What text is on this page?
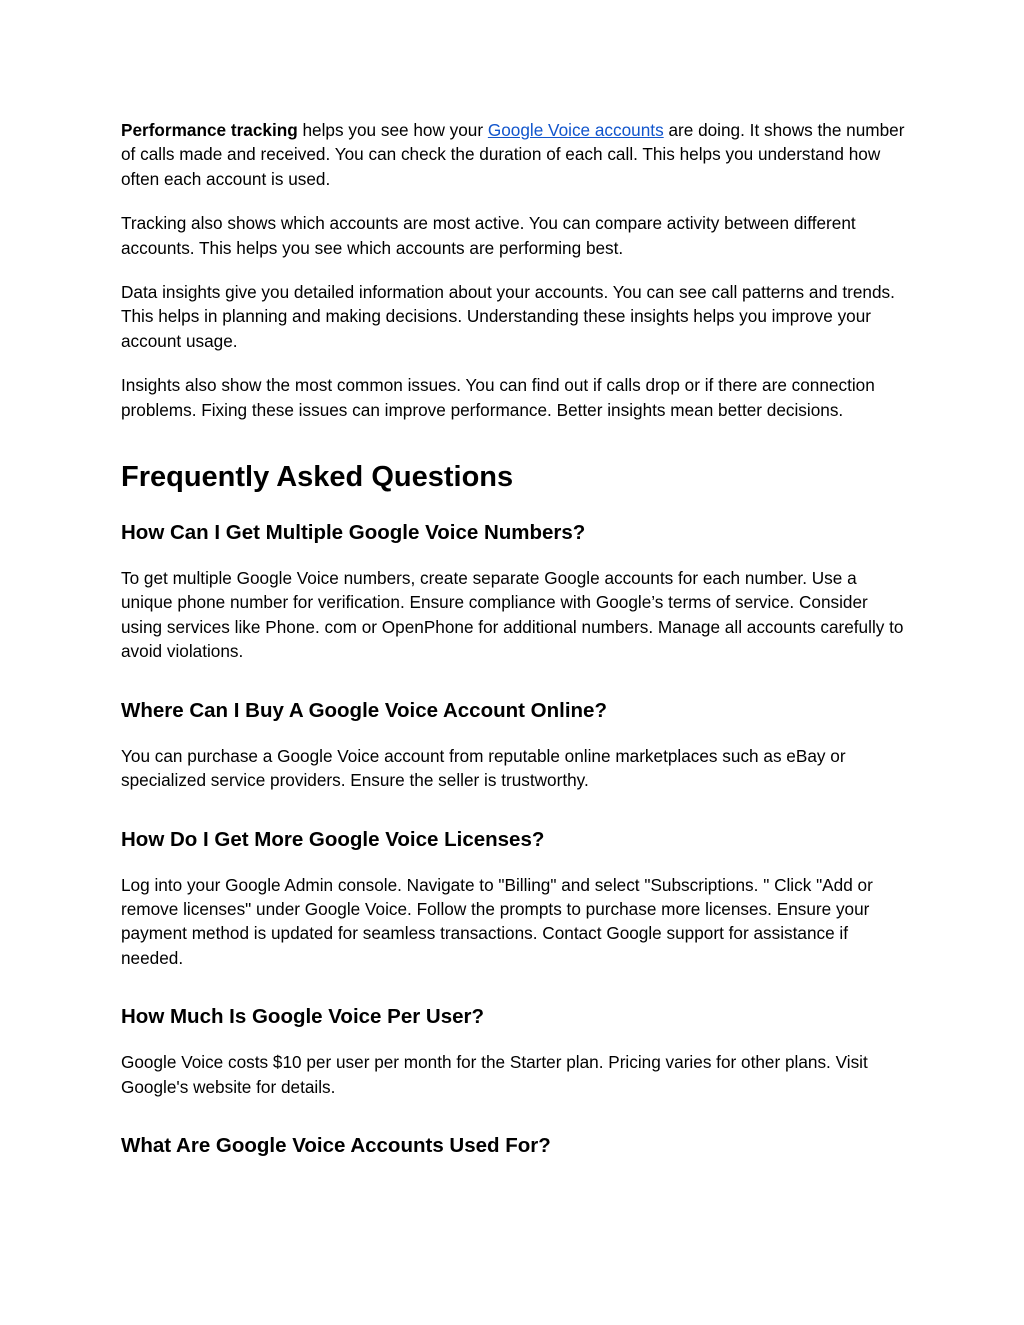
Performance tracking helps you see how your Google Voice accounts are doing. It shows the number of calls made and received. You can check the duration of each call. This helps you understand how often each account is used.

Tracking also shows which accounts are most active. You can compare activity between different accounts. This helps you see which accounts are performing best.

Data insights give you detailed information about your accounts. You can see call patterns and trends. This helps in planning and making decisions. Understanding these insights helps you improve your account usage.

Insights also show the most common issues. You can find out if calls drop or if there are connection problems. Fixing these issues can improve performance. Better insights mean better decisions.

Frequently Asked Questions
How Can I Get Multiple Google Voice Numbers?

To get multiple Google Voice numbers, create separate Google accounts for each number. Use a unique phone number for verification. Ensure compliance with Google’s terms of service. Consider using services like Phone. com or OpenPhone for additional numbers. Manage all accounts carefully to avoid violations.

Where Can I Buy A Google Voice Account Online?

You can purchase a Google Voice account from reputable online marketplaces such as eBay or specialized service providers. Ensure the seller is trustworthy.

How Do I Get More Google Voice Licenses?

Log into your Google Admin console. Navigate to "Billing" and select "Subscriptions. " Click "Add or remove licenses" under Google Voice. Follow the prompts to purchase more licenses. Ensure your payment method is updated for seamless transactions. Contact Google support for assistance if needed.

How Much Is Google Voice Per User?

Google Voice costs $10 per user per month for the Starter plan. Pricing varies for other plans. Visit Google's website for details.

What Are Google Voice Accounts Used For?
